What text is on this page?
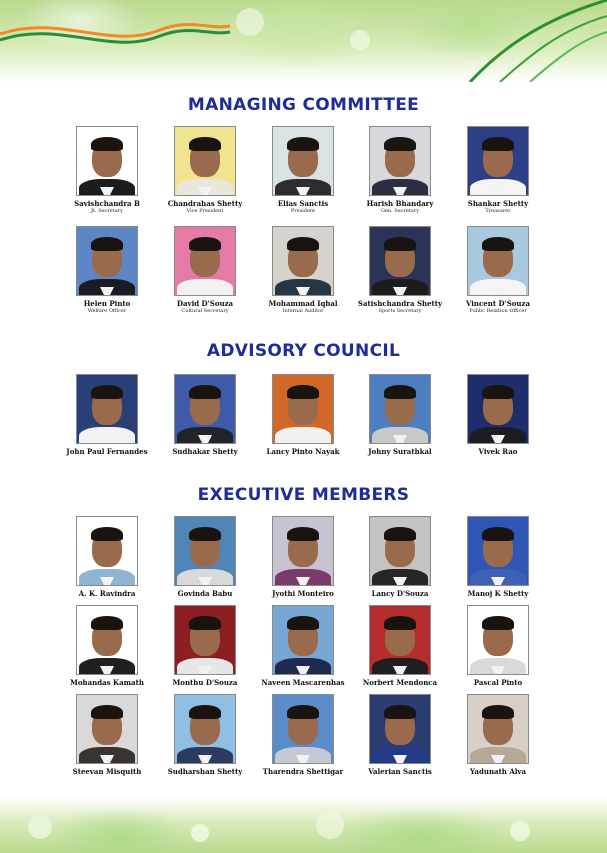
MANAGING COMMITTEE
ADVISORY COUNCIL
EXECUTIVE MEMBERS
Savishchandra B
Jt. Secretary
Chandrahas Shetty
Vice President
Elias Sanctis
President
Harish Bhandary
Gen. Secretary
Shankar Shetty
Treasurer
Helen Pinto
Welfare Officer
David D'Souza
Cultural Secretary
Mohammad Iqbal
Internal Auditor
Satishchandra Shetty
Sports Secretary
Vincent D'Souza
Public Relation Officer
John Paul Fernandes	Sudhakar Shetty	Lancy Pinto Nayak	Johny Surathkal	Vivek Rao
A. K. Ravindra	Govinda Babu	Jyothi Monteiro	Lancy D'Souza	Manoj K Shetty
Mohandas Kamath	Monthu D'Souza	Naveen Mascarenhas	Norbert Mendonca	Pascal Pinto
Steevan Misquith	Sudharshan Shetty	Tharendra Shettigar	Valerian Sanctis	Yadunath Alva
